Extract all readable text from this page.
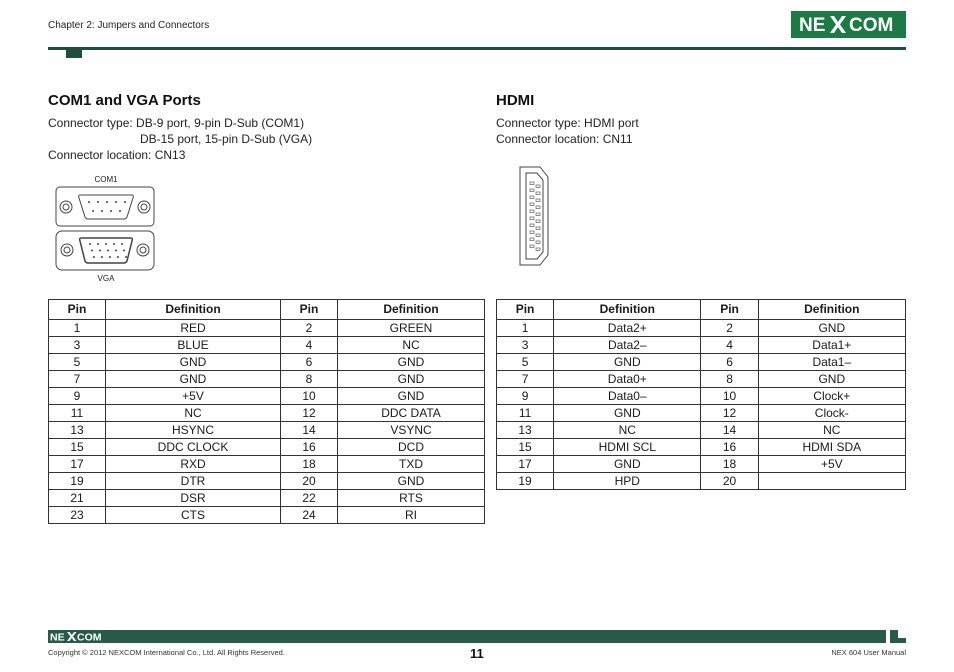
Chapter 2: Jumpers and Connectors	NE COM
COM1 and VGA Ports
Connector type: DB-9 port, 9-pin D-Sub (COM1)
DB-15 port, 15-pin D-Sub (VGA)
Connector location: CN13
COM1
VGA
Pin	Definition	Pin	Definition
1	RED	2	GREEN
3	BLUE	4	NC
5	GND	6	GND
7	GND	8	GND
9	+5V	10	GND
11	NC	12	DDC DATA
13	HSYNC	14	VSYNC
15	DDC CLOCK	16	DCD
17	RXD	18	TXD
19	DTR	20	GND
21	DSR	22	RTS
23	CTS	24	RI
HDMI
Connector type: HDMI port
Connector location: CN11
Pin	Definition	Pin	Definition
1	Data2+	2	GND
3	Data2–	4	Data1+
5	GND	6	Data1–
7	Data0+	8	GND
9	Data0–	10	Clock+
11	GND	12	Clock-
13	NC	14	NC
15	HDMI SCL	16	HDMI SDA
17	GND	18	+5V
19	HPD	20	
NE COM
Copyright © 2012 NEXCOM International Co., Ltd. All Rights Reserved.	11	NEX 604 User Manual
